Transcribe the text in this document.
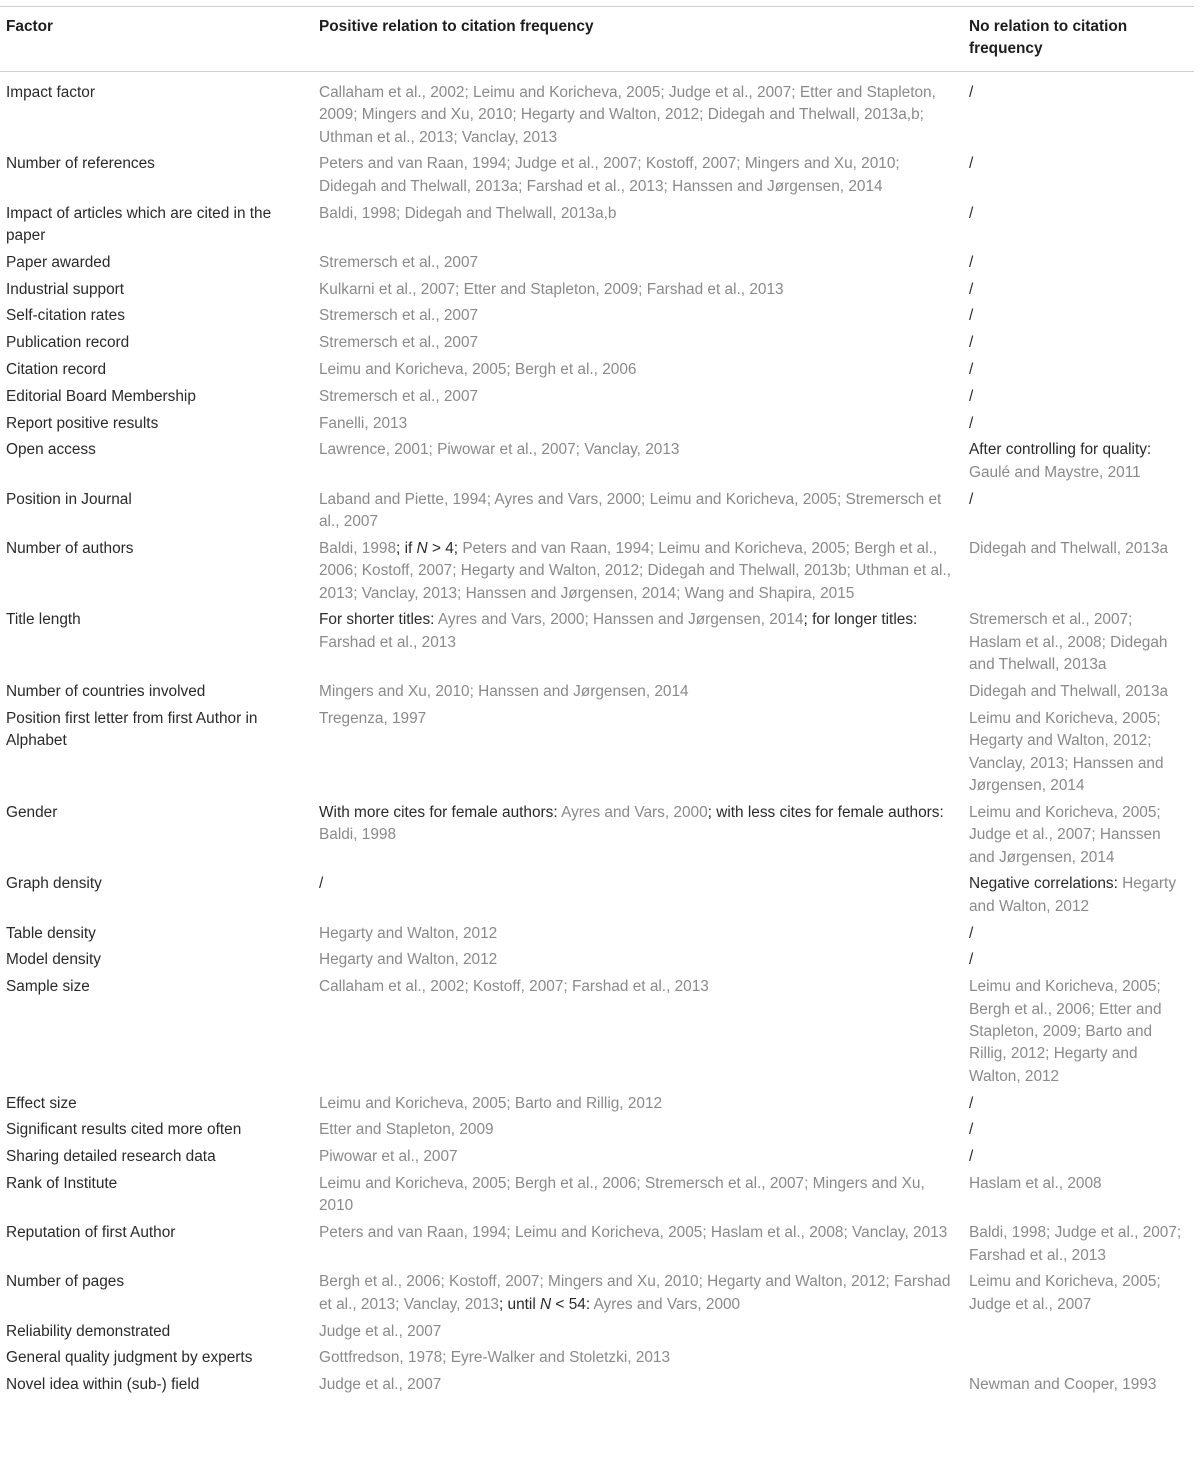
Factor	Positive relation to citation frequency	No relation to citation frequency
Impact factor	Callaham et al., 2002; Leimu and Koricheva, 2005; Judge et al., 2007; Etter and Stapleton, 2009; Mingers and Xu, 2010; Hegarty and Walton, 2012; Didegah and Thelwall, 2013a,b; Uthman et al., 2013; Vanclay, 2013	/
Number of references	Peters and van Raan, 1994; Judge et al., 2007; Kostoff, 2007; Mingers and Xu, 2010; Didegah and Thelwall, 2013a; Farshad et al., 2013; Hanssen and Jørgensen, 2014	/
Impact of articles which are cited in the paper	Baldi, 1998; Didegah and Thelwall, 2013a,b	/
Paper awarded	Stremersch et al., 2007	/
Industrial support	Kulkarni et al., 2007; Etter and Stapleton, 2009; Farshad et al., 2013	/
Self-citation rates	Stremersch et al., 2007	/
Publication record	Stremersch et al., 2007	/
Citation record	Leimu and Koricheva, 2005; Bergh et al., 2006	/
Editorial Board Membership	Stremersch et al., 2007	/
Report positive results	Fanelli, 2013	/
Open access	Lawrence, 2001; Piwowar et al., 2007; Vanclay, 2013	After controlling for quality: Gaulé and Maystre, 2011
Position in Journal	Laband and Piette, 1994; Ayres and Vars, 2000; Leimu and Koricheva, 2005; Stremersch et al., 2007	/
Number of authors	Baldi, 1998; if N > 4; Peters and van Raan, 1994; Leimu and Koricheva, 2005; Bergh et al., 2006; Kostoff, 2007; Hegarty and Walton, 2012; Didegah and Thelwall, 2013b; Uthman et al., 2013; Vanclay, 2013; Hanssen and Jørgensen, 2014; Wang and Shapira, 2015	Didegah and Thelwall, 2013a
Title length	For shorter titles: Ayres and Vars, 2000; Hanssen and Jørgensen, 2014; for longer titles: Farshad et al., 2013	Stremersch et al., 2007; Haslam et al., 2008; Didegah and Thelwall, 2013a
Number of countries involved	Mingers and Xu, 2010; Hanssen and Jørgensen, 2014	Didegah and Thelwall, 2013a
Position first letter from first Author in Alphabet	Tregenza, 1997	Leimu and Koricheva, 2005; Hegarty and Walton, 2012; Vanclay, 2013; Hanssen and Jørgensen, 2014
Gender	With more cites for female authors: Ayres and Vars, 2000; with less cites for female authors: Baldi, 1998	Leimu and Koricheva, 2005; Judge et al., 2007; Hanssen and Jørgensen, 2014
Graph density	/	Negative correlations: Hegarty and Walton, 2012
Table density	Hegarty and Walton, 2012	/
Model density	Hegarty and Walton, 2012	/
Sample size	Callaham et al., 2002; Kostoff, 2007; Farshad et al., 2013	Leimu and Koricheva, 2005; Bergh et al., 2006; Etter and Stapleton, 2009; Barto and Rillig, 2012; Hegarty and Walton, 2012
Effect size	Leimu and Koricheva, 2005; Barto and Rillig, 2012	/
Significant results cited more often	Etter and Stapleton, 2009	/
Sharing detailed research data	Piwowar et al., 2007	/
Rank of Institute	Leimu and Koricheva, 2005; Bergh et al., 2006; Stremersch et al., 2007; Mingers and Xu, 2010	Haslam et al., 2008
Reputation of first Author	Peters and van Raan, 1994; Leimu and Koricheva, 2005; Haslam et al., 2008; Vanclay, 2013	Baldi, 1998; Judge et al., 2007; Farshad et al., 2013
Number of pages	Bergh et al., 2006; Kostoff, 2007; Mingers and Xu, 2010; Hegarty and Walton, 2012; Farshad et al., 2013; Vanclay, 2013; until N < 54: Ayres and Vars, 2000	Leimu and Koricheva, 2005; Judge et al., 2007
Reliability demonstrated	Judge et al., 2007	
General quality judgment by experts	Gottfredson, 1978; Eyre-Walker and Stoletzki, 2013	
Novel idea within (sub-) field	Judge et al., 2007	Newman and Cooper, 1993
